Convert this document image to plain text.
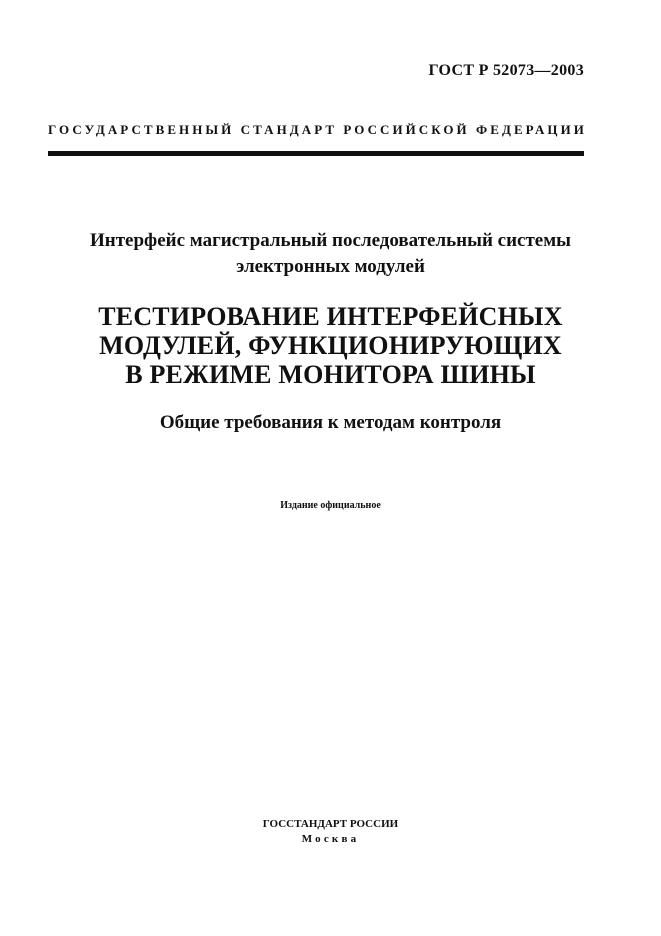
ГОСТ Р 52073—2003
ГОСУДАРСТВЕННЫЙ СТАНДАРТ РОССИЙСКОЙ ФЕДЕРАЦИИ
Интерфейс магистральный последовательный системы
электронных модулей
ТЕСТИРОВАНИЕ ИНТЕРФЕЙСНЫХ
МОДУЛЕЙ, ФУНКЦИОНИРУЮЩИХ
В РЕЖИМЕ МОНИТОРА ШИНЫ
Общие требования к методам контроля
Издание официальное
ГОССТАНДАРТ РОССИИ
Москва
